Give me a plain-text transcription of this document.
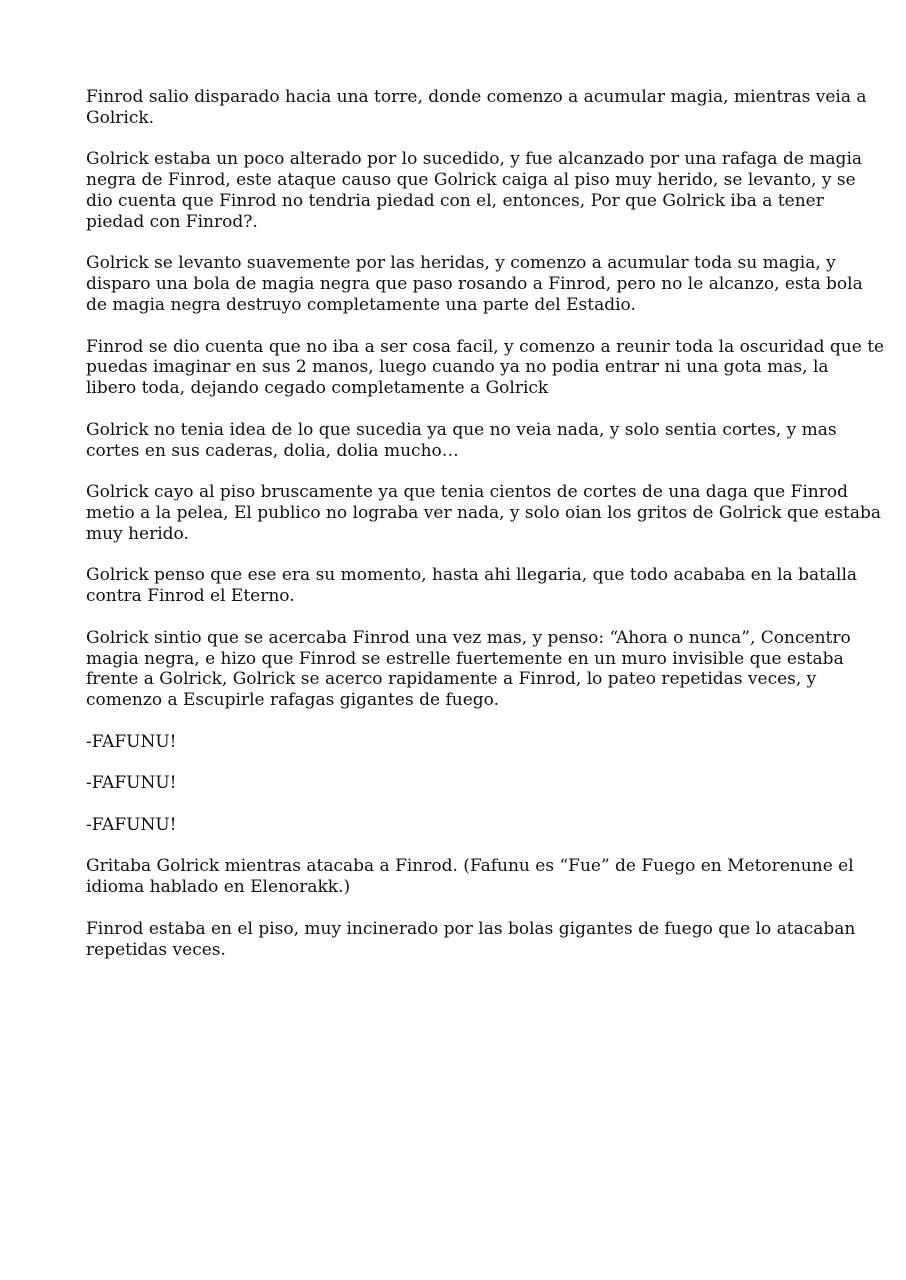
Finrod salio disparado hacia una torre, donde comenzo a acumular magia, mientras veia a
Golrick.

Golrick estaba un poco alterado por lo sucedido, y fue alcanzado por una rafaga de magia
negra de Finrod, este ataque causo que Golrick caiga al piso muy herido, se levanto, y se
dio cuenta que Finrod no tendria piedad con el, entonces, Por que Golrick iba a tener
piedad con Finrod?.

Golrick se levanto suavemente por las heridas, y comenzo a acumular toda su magia, y
disparo una bola de magia negra que paso rosando a Finrod, pero no le alcanzo, esta bola
de magia negra destruyo completamente una parte del Estadio.

Finrod se dio cuenta que no iba a ser cosa facil, y comenzo a reunir toda la oscuridad que te
puedas imaginar en sus 2 manos, luego cuando ya no podia entrar ni una gota mas, la
libero toda, dejando cegado completamente a Golrick

Golrick no tenia idea de lo que sucedia ya que no veia nada, y solo sentia cortes, y mas
cortes en sus caderas, dolia, dolia mucho…

Golrick cayo al piso bruscamente ya que tenia cientos de cortes de una daga que Finrod
metio a la pelea, El publico no lograba ver nada, y solo oian los gritos de Golrick que estaba
muy herido.

Golrick penso que ese era su momento, hasta ahi llegaria, que todo acababa en la batalla
contra Finrod el Eterno.

Golrick sintio que se acercaba Finrod una vez mas, y penso: “Ahora o nunca”, Concentro
magia negra, e hizo que Finrod se estrelle fuertemente en un muro invisible que estaba
frente a Golrick, Golrick se acerco rapidamente a Finrod, lo pateo repetidas veces, y
comenzo a Escupirle rafagas gigantes de fuego.

-FAFUNU!

-FAFUNU!

-FAFUNU!

Gritaba Golrick mientras atacaba a Finrod. (Fafunu es “Fue” de Fuego en Metorenune el
idioma hablado en Elenorakk.)

Finrod estaba en el piso, muy incinerado por las bolas gigantes de fuego que lo atacaban
repetidas veces.
